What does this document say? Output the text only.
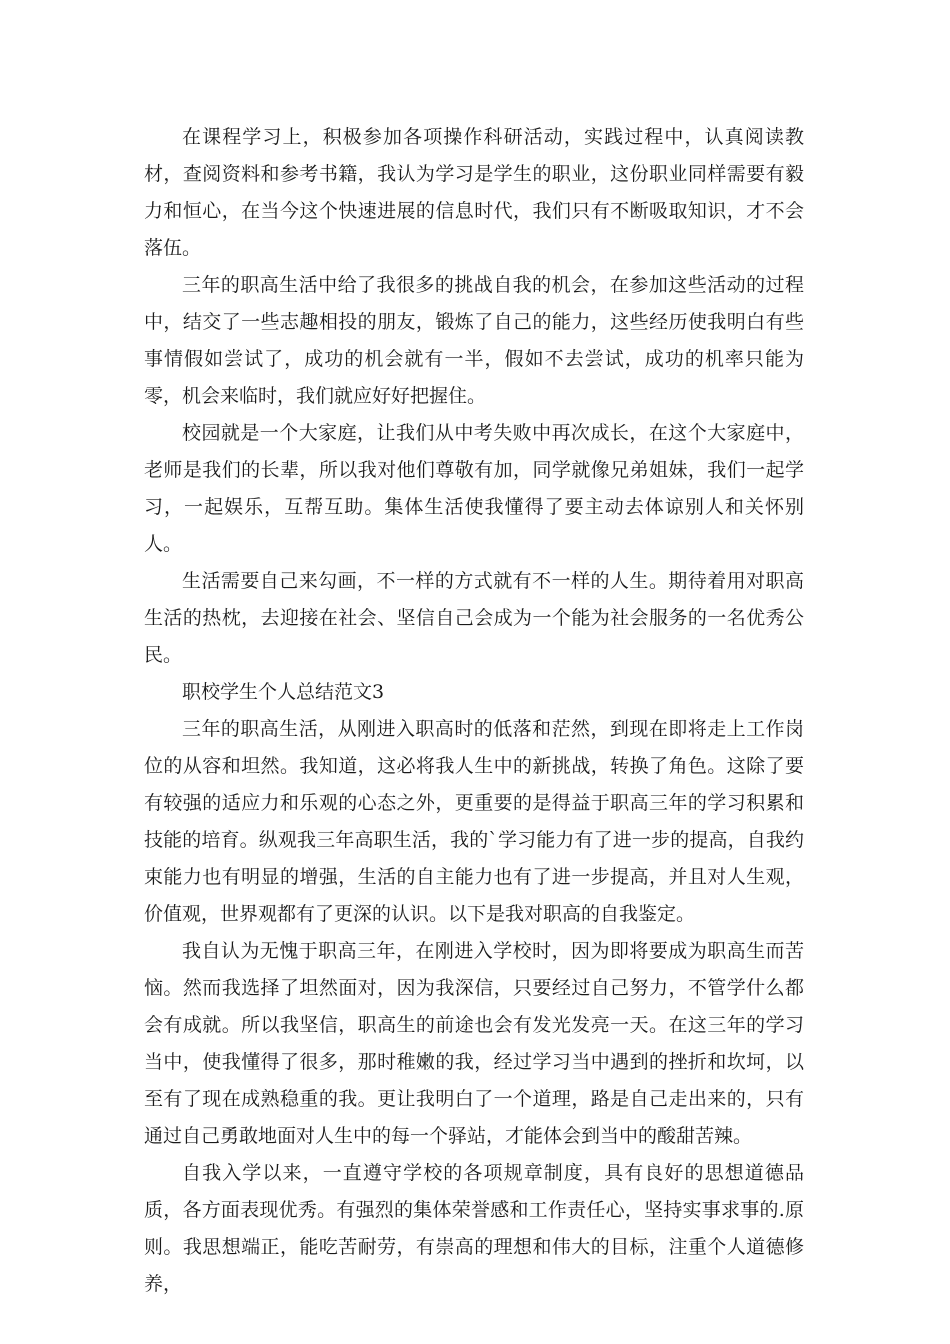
在课程学习上，积极参加各项操作科研活动，实践过程中，认真阅读教材，查阅资料和参考书籍，我认为学习是学生的职业，这份职业同样需要有毅力和恒心，在当今这个快速进展的信息时代，我们只有不断吸取知识，才不会落伍。

三年的职高生活中给了我很多的挑战自我的机会，在参加这些活动的过程中，结交了一些志趣相投的朋友，锻炼了自己的能力，这些经历使我明白有些事情假如尝试了，成功的机会就有一半，假如不去尝试，成功的机率只能为零，机会来临时，我们就应好好把握住。

校园就是一个大家庭，让我们从中考失败中再次成长，在这个大家庭中，老师是我们的长辈，所以我对他们尊敬有加，同学就像兄弟姐妹，我们一起学习，一起娱乐，互帮互助。集体生活使我懂得了要主动去体谅别人和关怀别人。

生活需要自己来勾画，不一样的方式就有不一样的人生。期待着用对职高生活的热枕，去迎接在社会、坚信自己会成为一个能为社会服务的一名优秀公民。

职校学生个人总结范文3

三年的职高生活，从刚进入职高时的低落和茫然，到现在即将走上工作岗位的从容和坦然。我知道，这必将我人生中的新挑战，转换了角色。这除了要有较强的适应力和乐观的心态之外，更重要的是得益于职高三年的学习积累和技能的培育。纵观我三年高职生活，我的`学习能力有了进一步的提高，自我约束能力也有明显的增强，生活的自主能力也有了进一步提高，并且对人生观，价值观，世界观都有了更深的认识。以下是我对职高的自我鉴定。

我自认为无愧于职高三年，在刚进入学校时，因为即将要成为职高生而苦恼。然而我选择了坦然面对，因为我深信，只要经过自己努力，不管学什么都会有成就。所以我坚信，职高生的前途也会有发光发亮一天。在这三年的学习当中，使我懂得了很多，那时稚嫩的我，经过学习当中遇到的挫折和坎坷，以至有了现在成熟稳重的我。更让我明白了一个道理，路是自己走出来的，只有通过自己勇敢地面对人生中的每一个驿站，才能体会到当中的酸甜苦辣。

自我入学以来，一直遵守学校的各项规章制度，具有良好的思想道德品质，各方面表现优秀。有强烈的集体荣誉感和工作责任心，坚持实事求事的.原则。我思想端正，能吃苦耐劳，有崇高的理想和伟大的目标，注重个人道德修养，
